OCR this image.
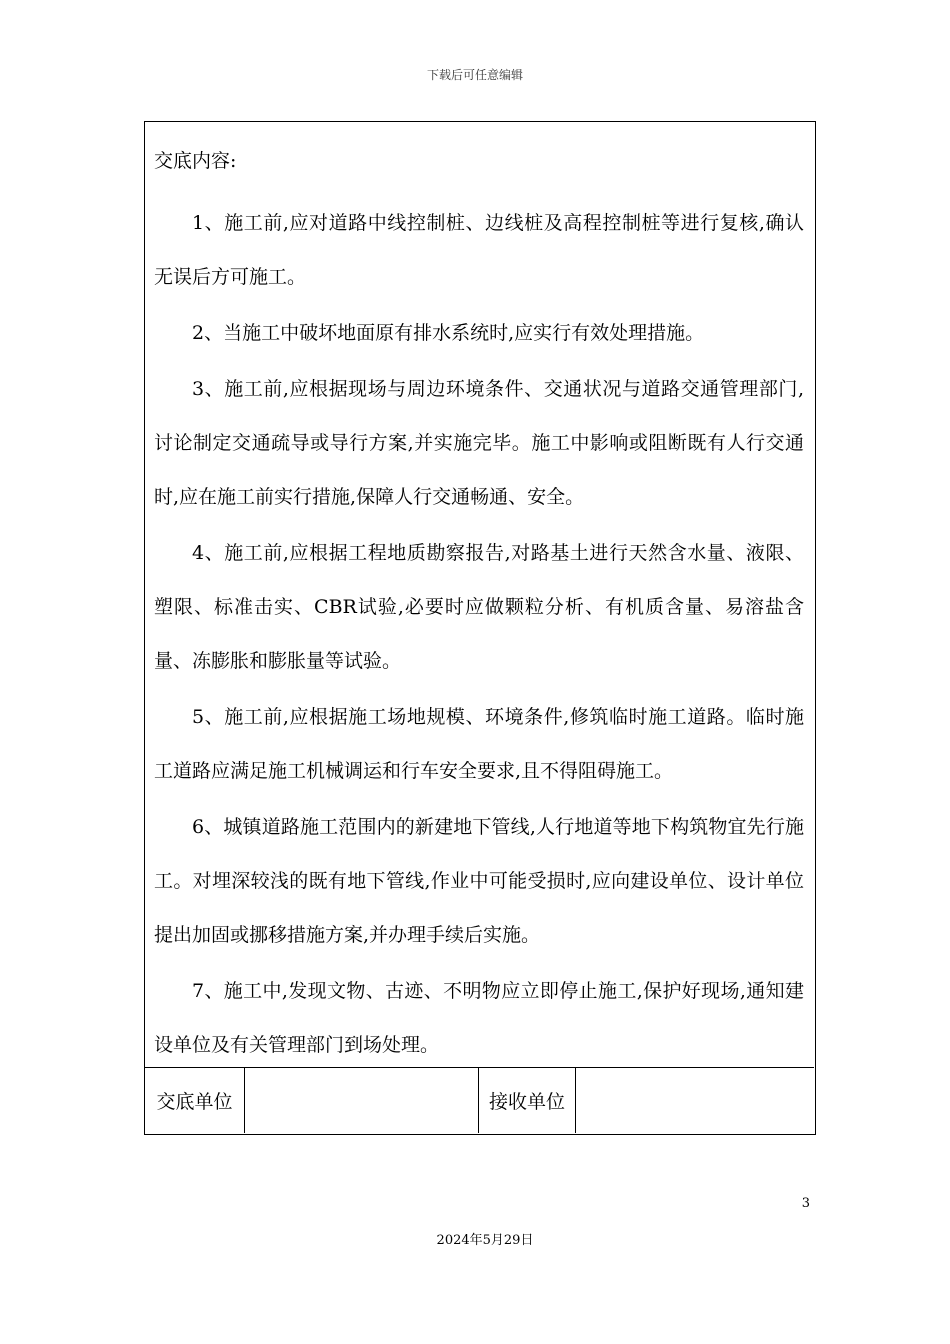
下载后可任意编辑
交底内容:

1、施工前,应对道路中线控制桩、边线桩及高程控制桩等进行复核,确认无误后方可施工。

2、当施工中破坏地面原有排水系统时,应实行有效处理措施。

3、施工前,应根据现场与周边环境条件、交通状况与道路交通管理部门,讨论制定交通疏导或导行方案,并实施完毕。施工中影响或阻断既有人行交通时,应在施工前实行措施,保障人行交通畅通、安全。

4、施工前,应根据工程地质勘察报告,对路基土进行天然含水量、液限、塑限、标准击实、CBR试验,必要时应做颗粒分析、有机质含量、易溶盐含量、冻膨胀和膨胀量等试验。

5、施工前,应根据施工场地规模、环境条件,修筑临时施工道路。临时施工道路应满足施工机械调运和行车安全要求,且不得阻碍施工。

6、城镇道路施工范围内的新建地下管线,人行地道等地下构筑物宜先行施工。对埋深较浅的既有地下管线,作业中可能受损时,应向建设单位、设计单位提出加固或挪移措施方案,并办理手续后实施。

7、施工中,发现文物、古迹、不明物应立即停止施工,保护好现场,通知建设单位及有关管理部门到场处理。

交底单位	接收单位
3
2024年5月29日
